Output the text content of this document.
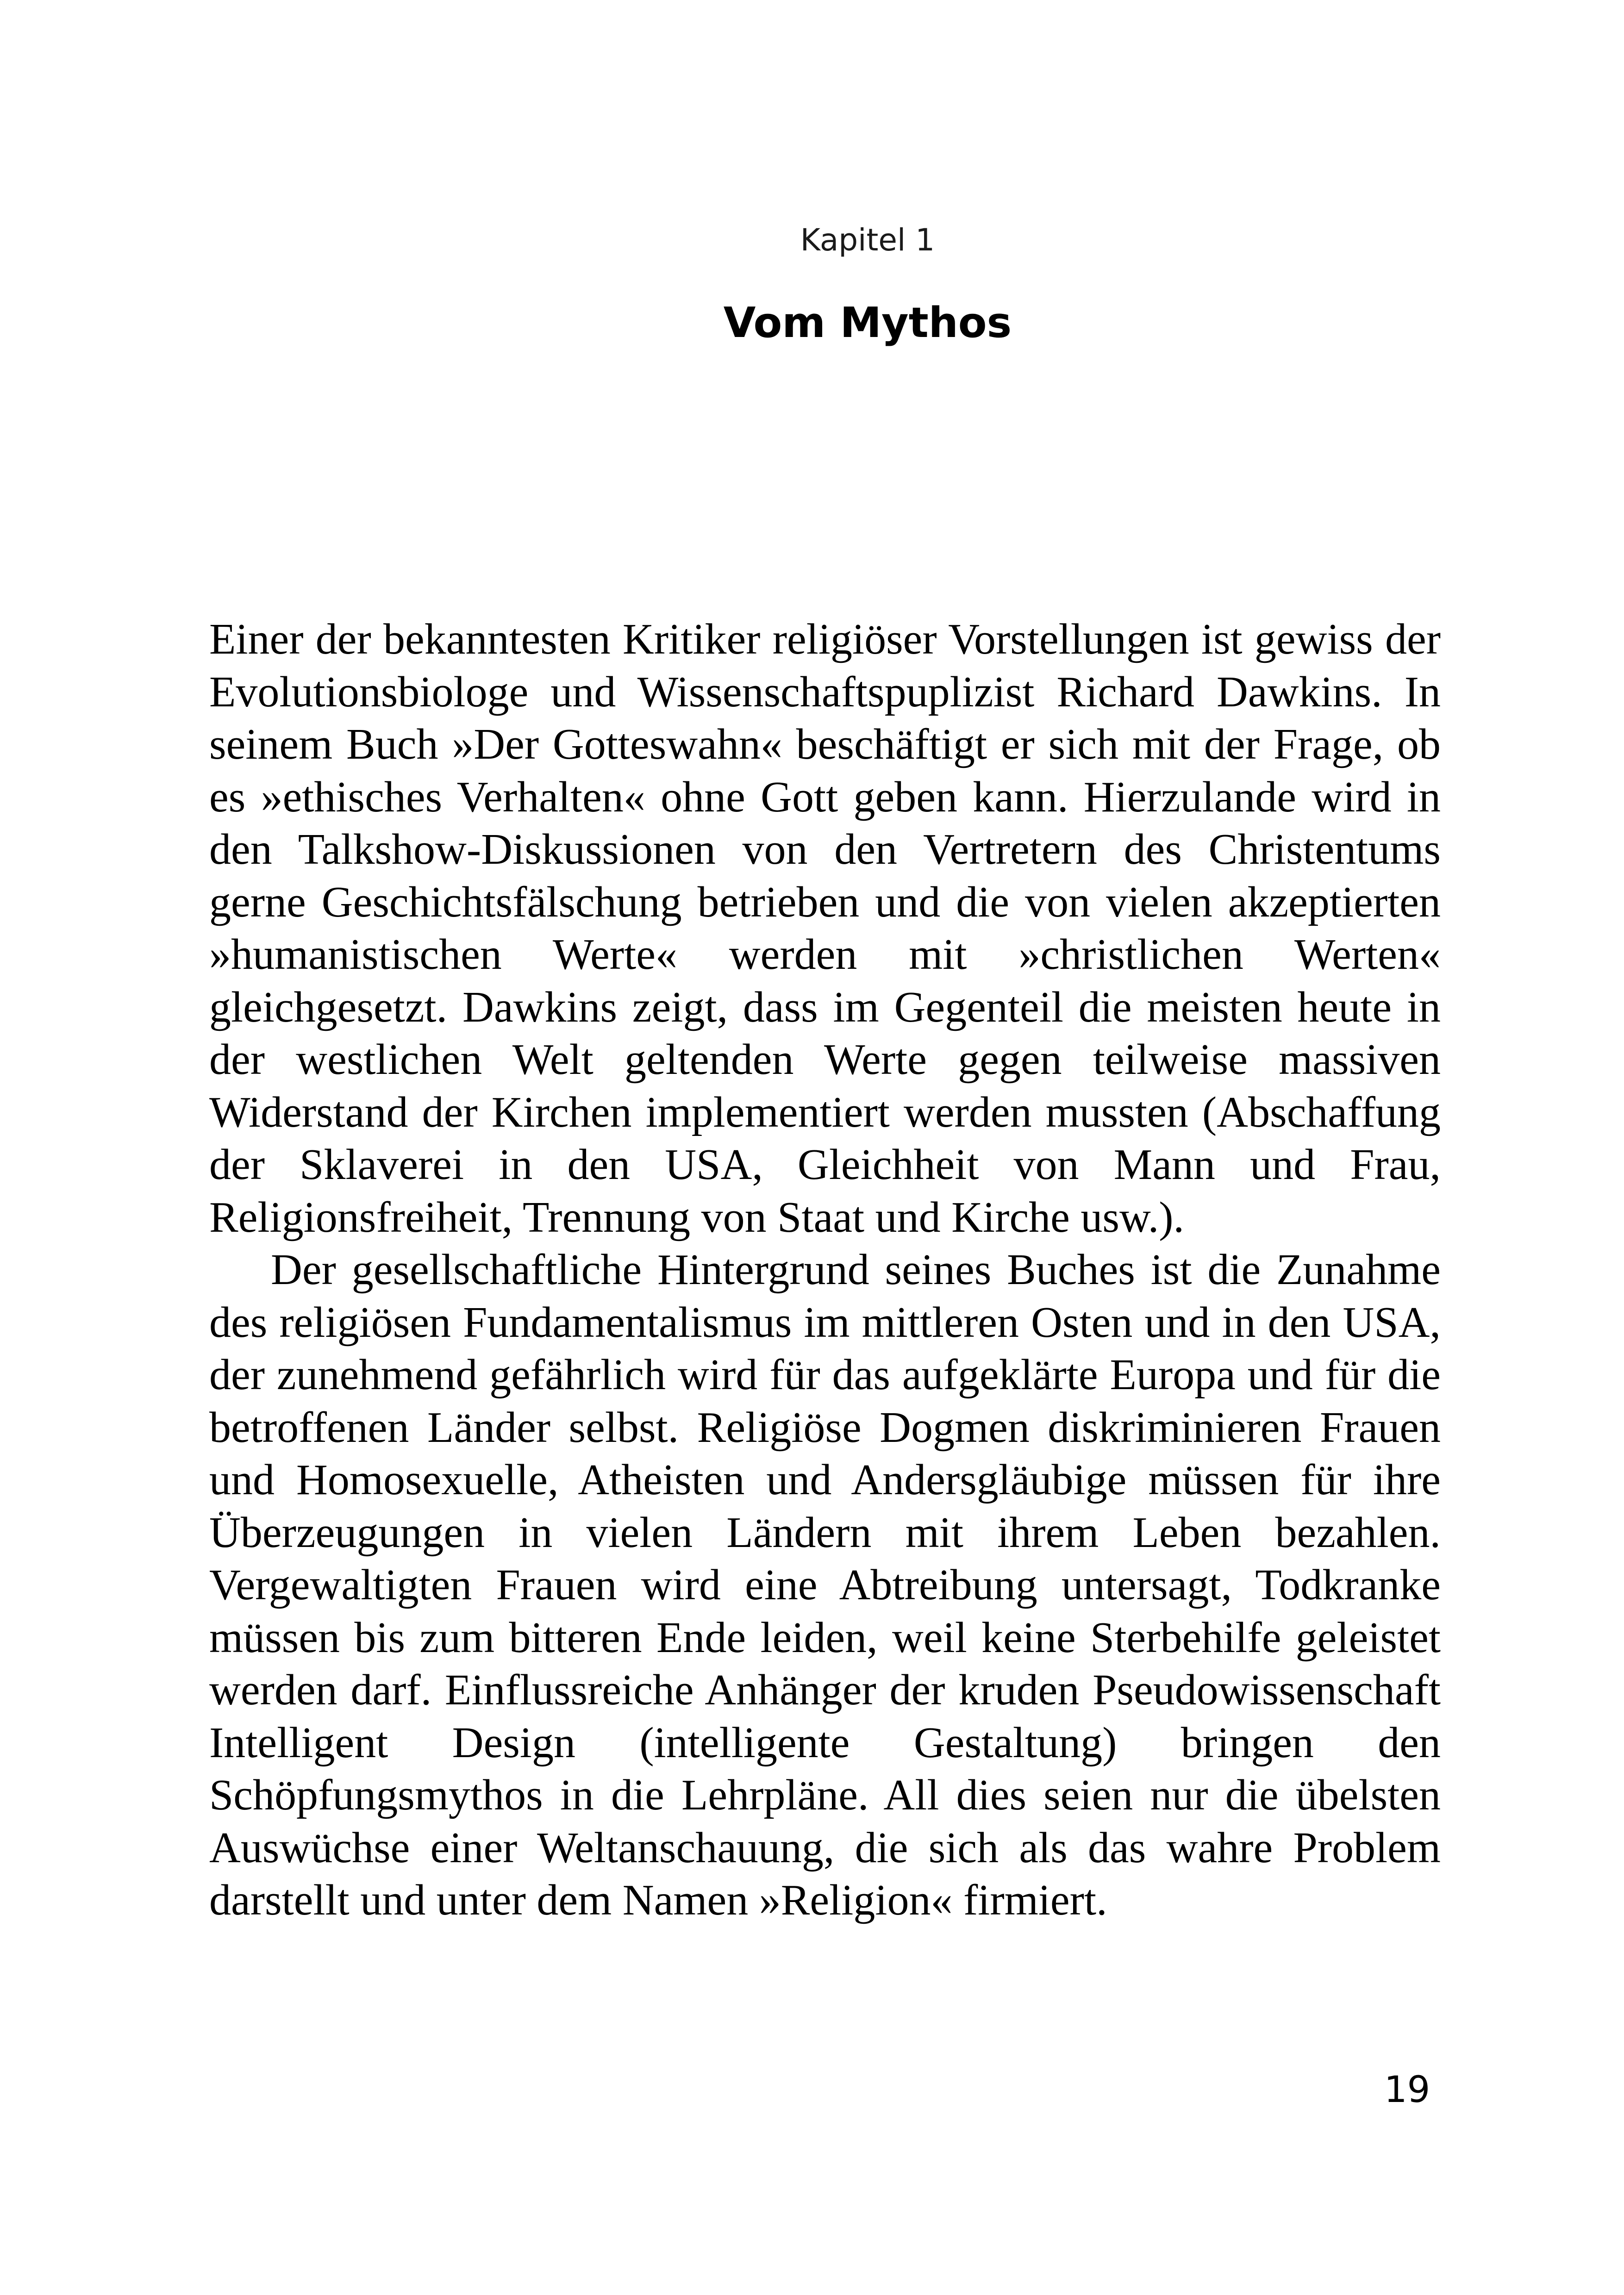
Kapitel 1
Vom Mythos

Einer der bekanntesten Kritiker religiöser Vorstellungen ist gewiss der Evolutionsbiologe und Wissenschaftspuplizist Richard Dawkins. In seinem Buch »Der Gotteswahn« beschäftigt er sich mit der Frage, ob es »ethisches Verhalten« ohne Gott geben kann. Hierzulande wird in den Talkshow-Diskussionen von den Vertretern des Christentums gerne Geschichtsfälschung betrieben und die von vielen akzeptierten »humanistischen Werte« werden mit »christlichen Werten« gleichgesetzt. Dawkins zeigt, dass im Gegenteil die meisten heute in der westlichen Welt geltenden Werte gegen teilweise massiven Widerstand der Kirchen implementiert werden mussten (Abschaffung der Sklaverei in den USA, Gleichheit von Mann und Frau, Religionsfreiheit, Trennung von Staat und Kirche usw.).

Der gesellschaftliche Hintergrund seines Buches ist die Zunahme des religiösen Fundamentalismus im mittleren Osten und in den USA, der zunehmend gefährlich wird für das aufgeklärte Europa und für die betroffenen Länder selbst. Religiöse Dogmen diskriminieren Frauen und Homosexuelle, Atheisten und Andersgläubige müssen für ihre Überzeugungen in vielen Ländern mit ihrem Leben bezahlen. Vergewaltigten Frauen wird eine Abtreibung untersagt, Todkranke müssen bis zum bitteren Ende leiden, weil keine Sterbehilfe geleistet werden darf. Einflussreiche Anhänger der kruden Pseudowissenschaft Intelligent Design (intelligente Gestaltung) bringen den Schöpfungsmythos in die Lehrpläne. All dies seien nur die übelsten Auswüchse einer Weltanschauung, die sich als das wahre Problem darstellt und unter dem Namen »Religion« firmiert.

19
